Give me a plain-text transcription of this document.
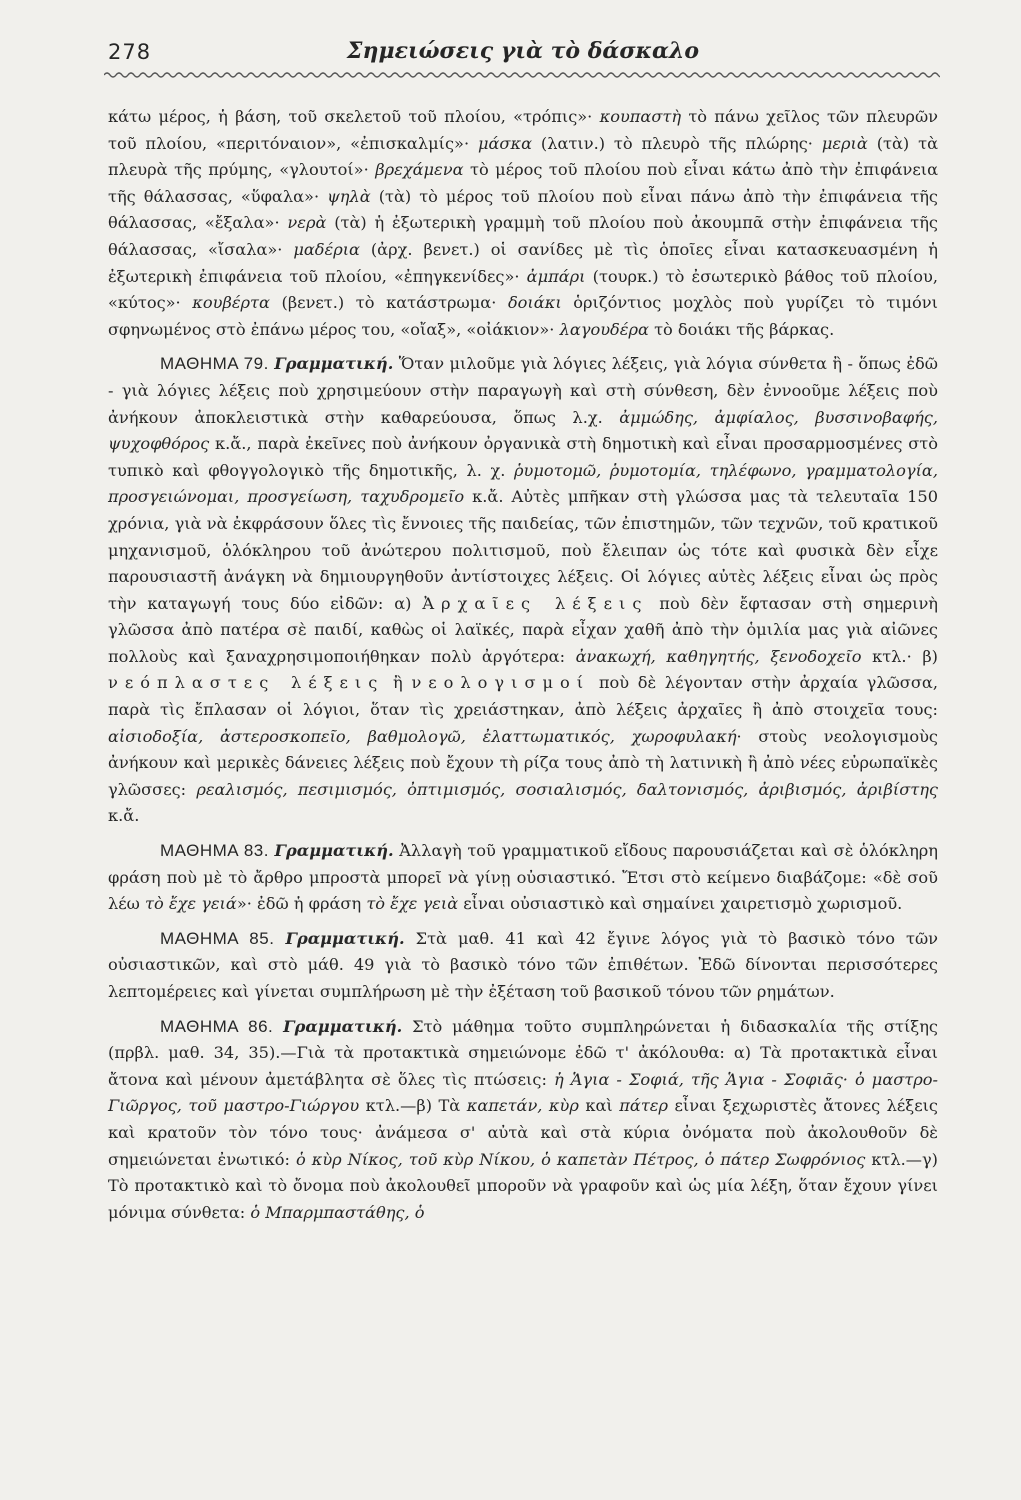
278	Σημειώσεις γιὰ τὸ δάσκαλο

κάτω μέρος, ἡ βάση, τοῦ σκελετοῦ τοῦ πλοίου, «τρόπις»· κουπαστὴ τὸ πάνω χεῖλος τῶν πλευρῶν τοῦ πλοίου, «περιτόναιον», «ἐπισκαλμίς»· μάσκα (λατιν.) τὸ πλευρὸ τῆς πλώρης· μεριὰ (τὰ) τὰ πλευρὰ τῆς πρύμης, «γλουτοί»· βρεχάμενα τὸ μέρος τοῦ πλοίου ποὺ εἶναι κάτω ἀπὸ τὴν ἐπιφάνεια τῆς θάλασσας, «ὕφαλα»· ψηλὰ (τὰ) τὸ μέρος τοῦ πλοίου ποὺ εἶναι πάνω ἀπὸ τὴν ἐπιφάνεια τῆς θάλασσας, «ἔξαλα»· νερὰ (τὰ) ἡ ἐξωτερικὴ γραμμὴ τοῦ πλοίου ποὺ ἀκουμπᾶ στὴν ἐπιφάνεια τῆς θάλασσας, «ἴσαλα»· μαδέρια (ἀρχ. βενετ.) οἱ σανίδες μὲ τὶς ὁποῖες εἶναι κατασκευασμένη ἡ ἐξωτερικὴ ἐπιφάνεια τοῦ πλοίου, «ἐπηγκενίδες»· ἀμπάρι (τουρκ.) τὸ ἐσωτερικὸ βάθος τοῦ πλοίου, «κύτος»· κουβέρτα (βενετ.) τὸ κατάστρωμα· δοιάκι ὁριζόντιος μοχλὸς ποὺ γυρίζει τὸ τιμόνι σφηνωμένος στὸ ἐπάνω μέρος του, «οἴαξ», «οἰάκιον»· λαγουδέρα τὸ δοιάκι τῆς βάρκας.

ΜΑΘΗΜΑ 79. Γραμματική. Ὅταν μιλοῦμε γιὰ λόγιες λέξεις, γιὰ λόγια σύνθετα ἢ - ὅπως ἐδῶ - γιὰ λόγιες λέξεις ποὺ χρησιμεύουν στὴν παραγωγὴ καὶ στὴ σύνθεση, δὲν ἐννοοῦμε λέξεις ποὺ ἀνήκουν ἀποκλειστικὰ στὴν καθαρεύουσα, ὅπως λ.χ. ἀμμώδης, ἀμφίαλος, βυσσινοβαφής, ψυχοφθόρος κ.ἄ., παρὰ ἐκεῖνες ποὺ ἀνήκουν ὀργανικὰ στὴ δημοτικὴ καὶ εἶναι προσαρμοσμένες στὸ τυπικὸ καὶ φθογγολογικὸ τῆς δημοτικῆς, λ. χ. ῥυμοτομῶ, ῥυμοτομία, τηλέφωνο, γραμματολογία, προσγειώνομαι, προσγείωση, ταχυδρομεῖο κ.ἄ. Αὐτὲς μπῆκαν στὴ γλώσσα μας τὰ τελευταῖα 150 χρόνια, γιὰ νὰ ἐκφράσουν ὅλες τὶς ἔννοιες τῆς παιδείας, τῶν ἐπιστημῶν, τῶν τεχνῶν, τοῦ κρατικοῦ μηχανισμοῦ, ὁλόκληρου τοῦ ἀνώτερου πολιτισμοῦ, ποὺ ἔλειπαν ὡς τότε καὶ φυσικὰ δὲν εἶχε παρουσιαστῆ ἀνάγκη νὰ δημιουργηθοῦν ἀντίστοιχες λέξεις. Οἱ λόγιες αὐτὲς λέξεις εἶναι ὡς πρὸς τὴν καταγωγή τους δύο εἰδῶν: α) Ἀρχαῖες λέξεις ποὺ δὲν ἔφτασαν στὴ σημερινὴ γλῶσσα ἀπὸ πατέρα σὲ παιδί, καθὼς οἱ λαϊκές, παρὰ εἶχαν χαθῆ ἀπὸ τὴν ὁμιλία μας γιὰ αἰῶνες πολλοὺς καὶ ξαναχρησιμοποιήθηκαν πολὺ ἀργότερα: ἀνακωχή, καθηγητής, ξενοδοχεῖο κτλ.· β) νεόπλαστες λέξεις ἢ νεολογισμοί ποὺ δὲ λέγονταν στὴν ἀρχαία γλῶσσα, παρὰ τὶς ἔπλασαν οἱ λόγιοι, ὅταν τὶς χρειάστηκαν, ἀπὸ λέξεις ἀρχαῖες ἢ ἀπὸ στοιχεῖα τους: αἰσιοδοξία, ἀστεροσκοπεῖο, βαθμολογῶ, ἐλαττωματικός, χωροφυλακή· στοὺς νεολογισμοὺς ἀνήκουν καὶ μερικὲς δάνειες λέξεις ποὺ ἔχουν τὴ ρίζα τους ἀπὸ τὴ λατινικὴ ἢ ἀπὸ νέες εὐρωπαϊκὲς γλῶσσες: ρεαλισμός, πεσιμισμός, ὀπτιμισμός, σοσιαλισμός, δαλτονισμός, ἀριβισμός, ἀριβίστης κ.ἄ.

ΜΑΘΗΜΑ 83. Γραμματική. Ἀλλαγὴ τοῦ γραμματικοῦ εἴδους παρουσιάζεται καὶ σὲ ὁλόκληρη φράση ποὺ μὲ τὸ ἄρθρο μπροστὰ μπορεῖ νὰ γίνῃ οὐσιαστικό. Ἔτσι στὸ κείμενο διαβάζομε: «δὲ σοῦ λέω τὸ ἔχε γειά»· ἐδῶ ἡ φράση τὸ ἔχε γειὰ εἶναι οὐσιαστικὸ καὶ σημαίνει χαιρετισμὸ χωρισμοῦ.

ΜΑΘΗΜΑ 85. Γραμματική. Στὰ μαθ. 41 καὶ 42 ἔγινε λόγος γιὰ τὸ βασικὸ τόνο τῶν οὐσιαστικῶν, καὶ στὸ μάθ. 49 γιὰ τὸ βασικὸ τόνο τῶν ἐπιθέτων. Ἐδῶ δίνονται περισσότερες λεπτομέρειες καὶ γίνεται συμπλήρωση μὲ τὴν ἐξέταση τοῦ βασικοῦ τόνου τῶν ρημάτων.

ΜΑΘΗΜΑ 86. Γραμματική. Στὸ μάθημα τοῦτο συμπληρώνεται ἡ διδασκαλία τῆς στίξης (πρβλ. μαθ. 34, 35).—Γιὰ τὰ προτακτικὰ σημειώνομε ἐδῶ τ' ἀκόλουθα: α) Τὰ προτακτικὰ εἶναι ἄτονα καὶ μένουν ἀμετάβλητα σὲ ὅλες τὶς πτώσεις: ἡ Ἁγια - Σοφιά, τῆς Ἁγια - Σοφιᾶς· ὁ μαστρο-Γιῶργος, τοῦ μαστρο-Γιώργου κτλ.—β) Τὰ καπετάν, κὺρ καὶ πάτερ εἶναι ξεχωριστὲς ἄτονες λέξεις καὶ κρατοῦν τὸν τόνο τους· ἀνάμεσα σ' αὐτὰ καὶ στὰ κύρια ὀνόματα ποὺ ἀκολουθοῦν δὲ σημειώνεται ἐνωτικό: ὁ κὺρ Νίκος, τοῦ κὺρ Νίκου, ὁ καπετὰν Πέτρος, ὁ πάτερ Σωφρόνιος κτλ.—γ) Τὸ προτακτικὸ καὶ τὸ ὄνομα ποὺ ἀκολουθεῖ μποροῦν νὰ γραφοῦν καὶ ὡς μία λέξη, ὅταν ἔχουν γίνει μόνιμα σύνθετα: ὁ Μπαρμπαστάθης, ὁ
